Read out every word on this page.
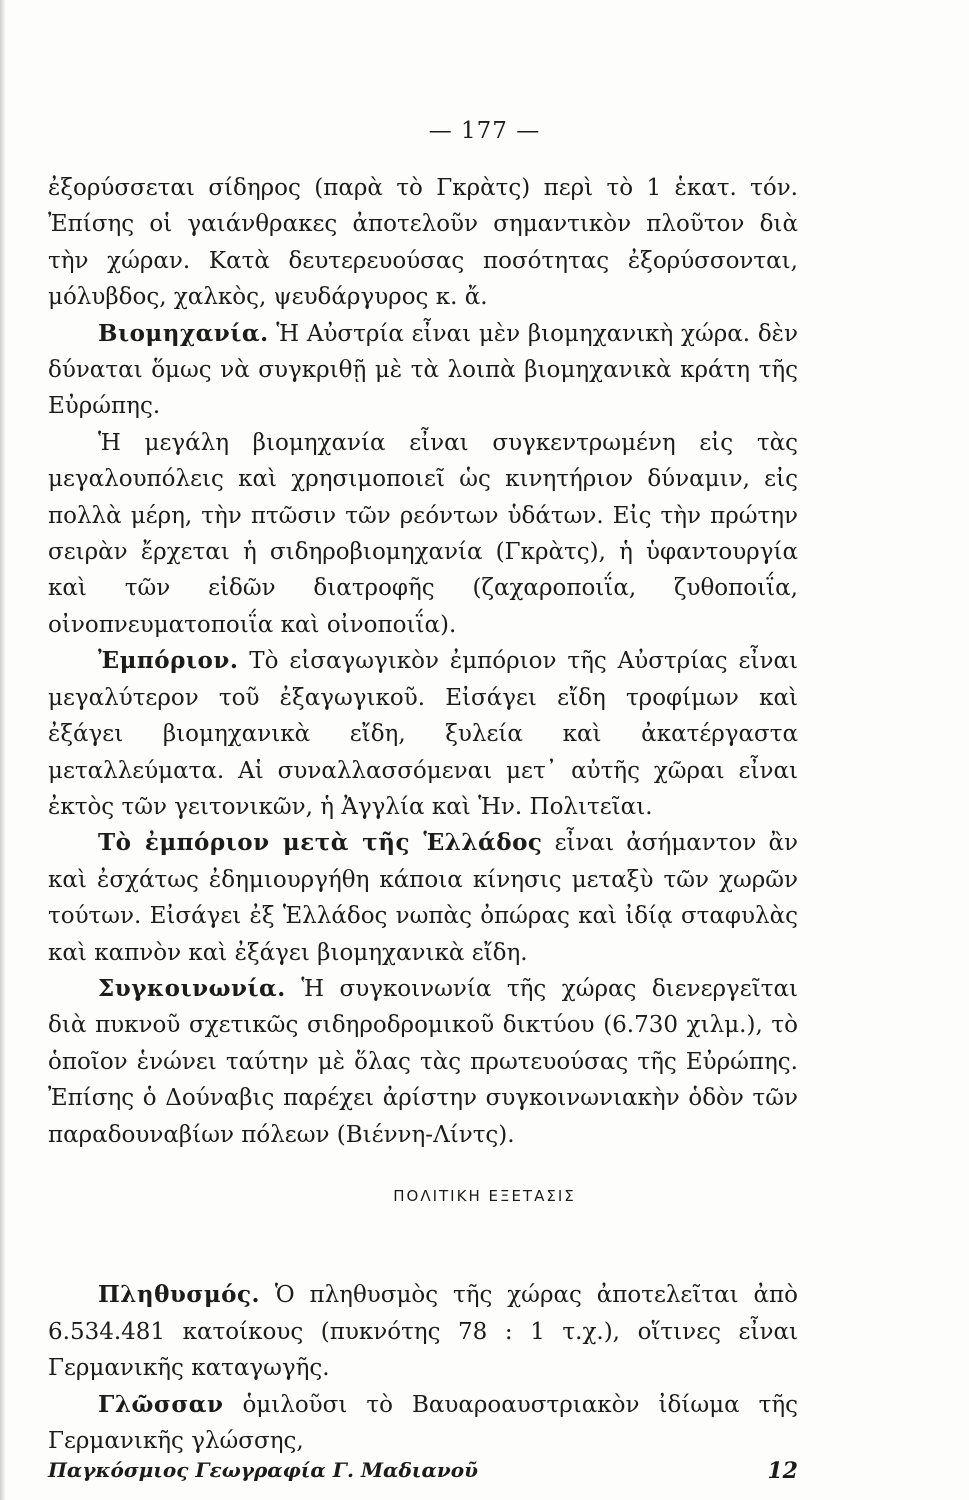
— 177 —

ἐξορύσσεται σίδηρος (παρὰ τὸ Γκρὰτς) περὶ τὸ 1 ἑκατ. τόν. Ἐπίσης οἱ γαιάνθρακες ἀποτελοῦν σημαντικὸν πλοῦτον διὰ τὴν χώραν. Κατὰ δευτερευούσας ποσότητας ἐξορύσσονται, μόλυβδος, χαλκὸς, ψευδάργυρος κ. ἄ.

Βιομηχανία. Ἡ Αὐστρία εἶναι μὲν βιομηχανικὴ χώρα. δὲν δύναται ὅμως νὰ συγκριθῇ μὲ τὰ λοιπὰ βιομηχανικὰ κράτη τῆς Εὐρώπης.

Ἡ μεγάλη βιομηχανία εἶναι συγκεντρωμένη εἰς τὰς μεγαλουπόλεις καὶ χρησιμοποιεῖ ὡς κινητήριον δύναμιν, εἰς πολλὰ μέρη, τὴν πτῶσιν τῶν ρεόντων ὑδάτων. Εἰς τὴν πρώτην σειρὰν ἔρχεται ἡ σιδηροβιομηχανία (Γκρὰτς), ἡ ὑφαντουργία καὶ τῶν εἰδῶν διατροφῆς (ζαχαροποιΐα, ζυθοποιΐα, οἰνοπνευματοποιΐα καὶ οἰνοποιΐα).

Ἐμπόριον. Τὸ εἰσαγωγικὸν ἐμπόριον τῆς Αὐστρίας εἶναι μεγαλύτερον τοῦ ἐξαγωγικοῦ. Εἰσάγει εἴδη τροφίμων καὶ ἐξάγει βιομηχανικὰ εἴδη, ξυλεία καὶ ἀκατέργαστα μεταλλεύματα. Αἱ συναλλασσόμεναι μετ᾽ αὐτῆς χῶραι εἶναι ἐκτὸς τῶν γειτονικῶν, ἡ Ἀγγλία καὶ Ἡν. Πολιτεῖαι.

Τὸ ἐμπόριον μετὰ τῆς Ἑλλάδος εἶναι ἀσήμαντον ἂν καὶ ἐσχάτως ἐδημιουργήθη κάποια κίνησις μεταξὺ τῶν χωρῶν τούτων. Εἰσάγει ἐξ Ἑλλάδος νωπὰς ὀπώρας καὶ ἰδίᾳ σταφυλὰς καὶ καπνὸν καὶ ἐξάγει βιομηχανικὰ εἴδη.

Συγκοινωνία. Ἡ συγκοινωνία τῆς χώρας διενεργεῖται διὰ πυκνοῦ σχετικῶς σιδηροδρομικοῦ δικτύου (6.730 χιλμ.), τὸ ὁποῖον ἑνώνει ταύτην μὲ ὅλας τὰς πρωτευούσας τῆς Εὐρώπης. Ἐπίσης ὁ Δούναβις παρέχει ἀρίστην συγκοινωνιακὴν ὁδὸν τῶν παραδουναβίων πόλεων (Βιέννη-Λίντς).

ΠΟΛΙΤΙΚΗ ΕΞΕΤΑΣΙΣ

Πληθυσμός. Ὁ πληθυσμὸς τῆς χώρας ἀποτελεῖται ἀπὸ 6.534.481 κατοίκους (πυκνότης 78 : 1 τ.χ.), οἵτινες εἶναι Γερμανικῆς καταγωγῆς.

Γλῶσσαν ὁμιλοῦσι τὸ Βαυαροαυστριακὸν ἰδίωμα τῆς Γερμανικῆς γλώσσης,

Παγκόσμιος Γεωγραφία Γ. Μαδιανοῦ	12
